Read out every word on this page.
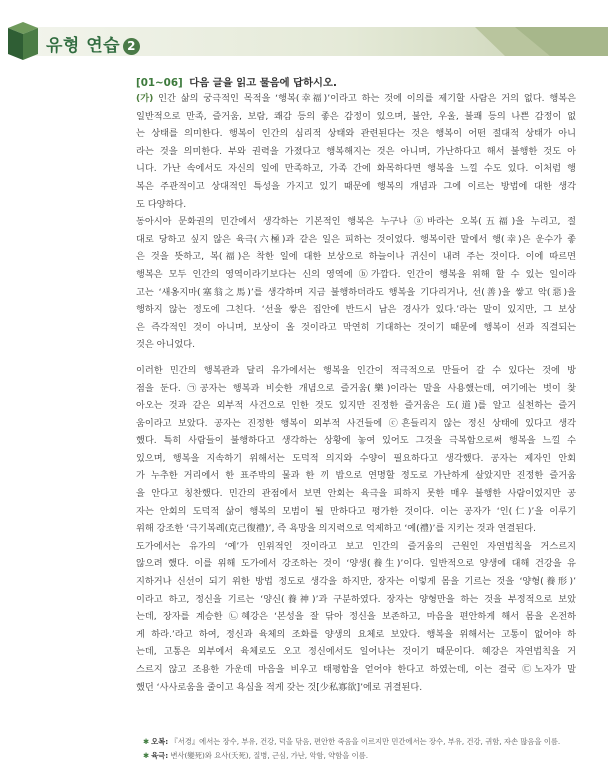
유형 연습 2
[01~06] 다음 글을 읽고 물음에 답하시오.
(가) 인간 삶의 궁극적인 목적을 ‘행복(幸福)’이라고 하는 것에 이의를 제기할 사람은 거의 없다. 행복은
일반적으로 만족, 즐거움, 보람, 쾌감 등의 좋은 감정이 있으며, 불안, 우울, 불쾌 등의 나쁜 감정이 없
는 상태를 의미한다. 행복이 인간의 심리적 상태와 관련된다는 것은 행복이 어떤 절대적 상태가 아니
라는 것을 의미한다. 부와 권력을 가졌다고 행복해지는 것은 아니며, 가난하다고 해서 불행한 것도 아
니다. 가난 속에서도 자신의 일에 만족하고, 가족 간에 화목하다면 행복을 느낄 수도 있다. 이처럼 행
복은 주관적이고 상대적인 특성을 가지고 있기 때문에 행복의 개념과 그에 이르는 방법에 대한 생각
도 다양하다.
동아시아 문화권의 민간에서 생각하는 기본적인 행복은 누구나 ⓐ바라는 오복(五福)을 누리고, 절
대로 당하고 싶지 않은 육극(六極)과 같은 일은 피하는 것이었다. 행복이란 말에서 행(幸)은 운수가 좋
은 것을 뜻하고, 복(福)은 착한 일에 대한 보상으로 하늘이나 귀신이 내려 주는 것이다. 이에 따르면
행복은 모두 인간의 영역이라기보다는 신의 영역에 ⓑ가깝다. 인간이 행복을 위해 할 수 있는 일이라
고는 ‘새옹지마(塞翁之馬)’를 생각하며 지금 불행하더라도 행복을 기다리거나, 선(善)을 쌓고 악(惡)을
행하지 않는 정도에 그친다. ‘선을 쌓은 집안에 반드시 남은 경사가 있다.’라는 말이 있지만, 그 보상
은 즉각적인 것이 아니며, 보상이 올 것이라고 막연히 기대하는 것이기 때문에 행복이 선과 직결되는
것은 아니었다.
이러한 민간의 행복관과 달리 유가에서는 행복을 인간이 적극적으로 만들어 갈 수 있다는 것에 방
점을 둔다. ㉠공자는 행복과 비슷한 개념으로 즐거움(樂)이라는 말을 사용했는데, 여기에는 벗이 찾
아오는 것과 같은 외부적 사건으로 인한 것도 있지만 진정한 즐거움은 도(道)를 알고 실천하는 즐거
움이라고 보았다. 공자는 진정한 행복이 외부적 사건들에 ⓒ흔들리지 않는 정신 상태에 있다고 생각
했다. 특히 사람들이 불행하다고 생각하는 상황에 놓여 있어도 그것을 극복함으로써 행복을 느낄 수
있으며, 행복을 지속하기 위해서는 도덕적 의지와 수양이 필요하다고 생각했다. 공자는 제자인 안회
가 누추한 거리에서 한 표주박의 물과 한 끼 밥으로 연명할 정도로 가난하게 살았지만 진정한 즐거움
을 안다고 칭찬했다. 민간의 관점에서 보면 안회는 육극을 피하지 못한 매우 불행한 사람이었지만 공
자는 안회의 도덕적 삶이 행복의 모범이 될 만하다고 평가한 것이다. 이는 공자가 ‘인(仁)’을 이루기
위해 강조한 ‘극기복례(克己復禮)’, 즉 욕망을 의지력으로 억제하고 ‘예(禮)’를 지키는 것과 연결된다.
도가에서는 유가의 ‘예’가 인위적인 것이라고 보고 인간의 즐거움의 근원인 자연법칙을 거스르지
않으려 했다. 이를 위해 도가에서 강조하는 것이 ‘양생(養生)’이다. 일반적으로 양생에 대해 건강을 유
지하거나 신선이 되기 위한 방법 정도로 생각을 하지만, 장자는 이렇게 몸을 기르는 것을 ‘양형(養形)’
이라고 하고, 정신을 기르는 ‘양신(養神)’과 구분하였다. 장자는 양형만을 하는 것을 부정적으로 보았
는데, 장자를 계승한 ㉡혜강은 ‘본성을 잘 닦아 정신을 보존하고, 마음을 편안하게 해서 몸을 온전하
게 하라.’라고 하여, 정신과 육체의 조화를 양생의 요체로 보았다. 행복을 위해서는 고통이 없어야 하
는데, 고통은 외부에서 육체로도 오고 정신에서도 일어나는 것이기 때문이다. 혜강은 자연법칙을 거
스르지 않고 조용한 가운데 마음을 비우고 태평함을 얻어야 한다고 하였는데, 이는 결국 ㉢노자가 말
했던 ‘사사로움을 줄이고 욕심을 적게 갖는 것[少私寡欲]’에로 귀결된다.
✱ 오복: 『서경』에서는 장수, 부유, 건강, 덕을 닦음, 편안한 죽음을 이르지만 민간에서는 장수, 부유, 건강, 귀함, 자손 많음을 이름.
✱ 육극: 변사(變死)와 요사(夭死), 질병, 근심, 가난, 악함, 약함을 이름.
